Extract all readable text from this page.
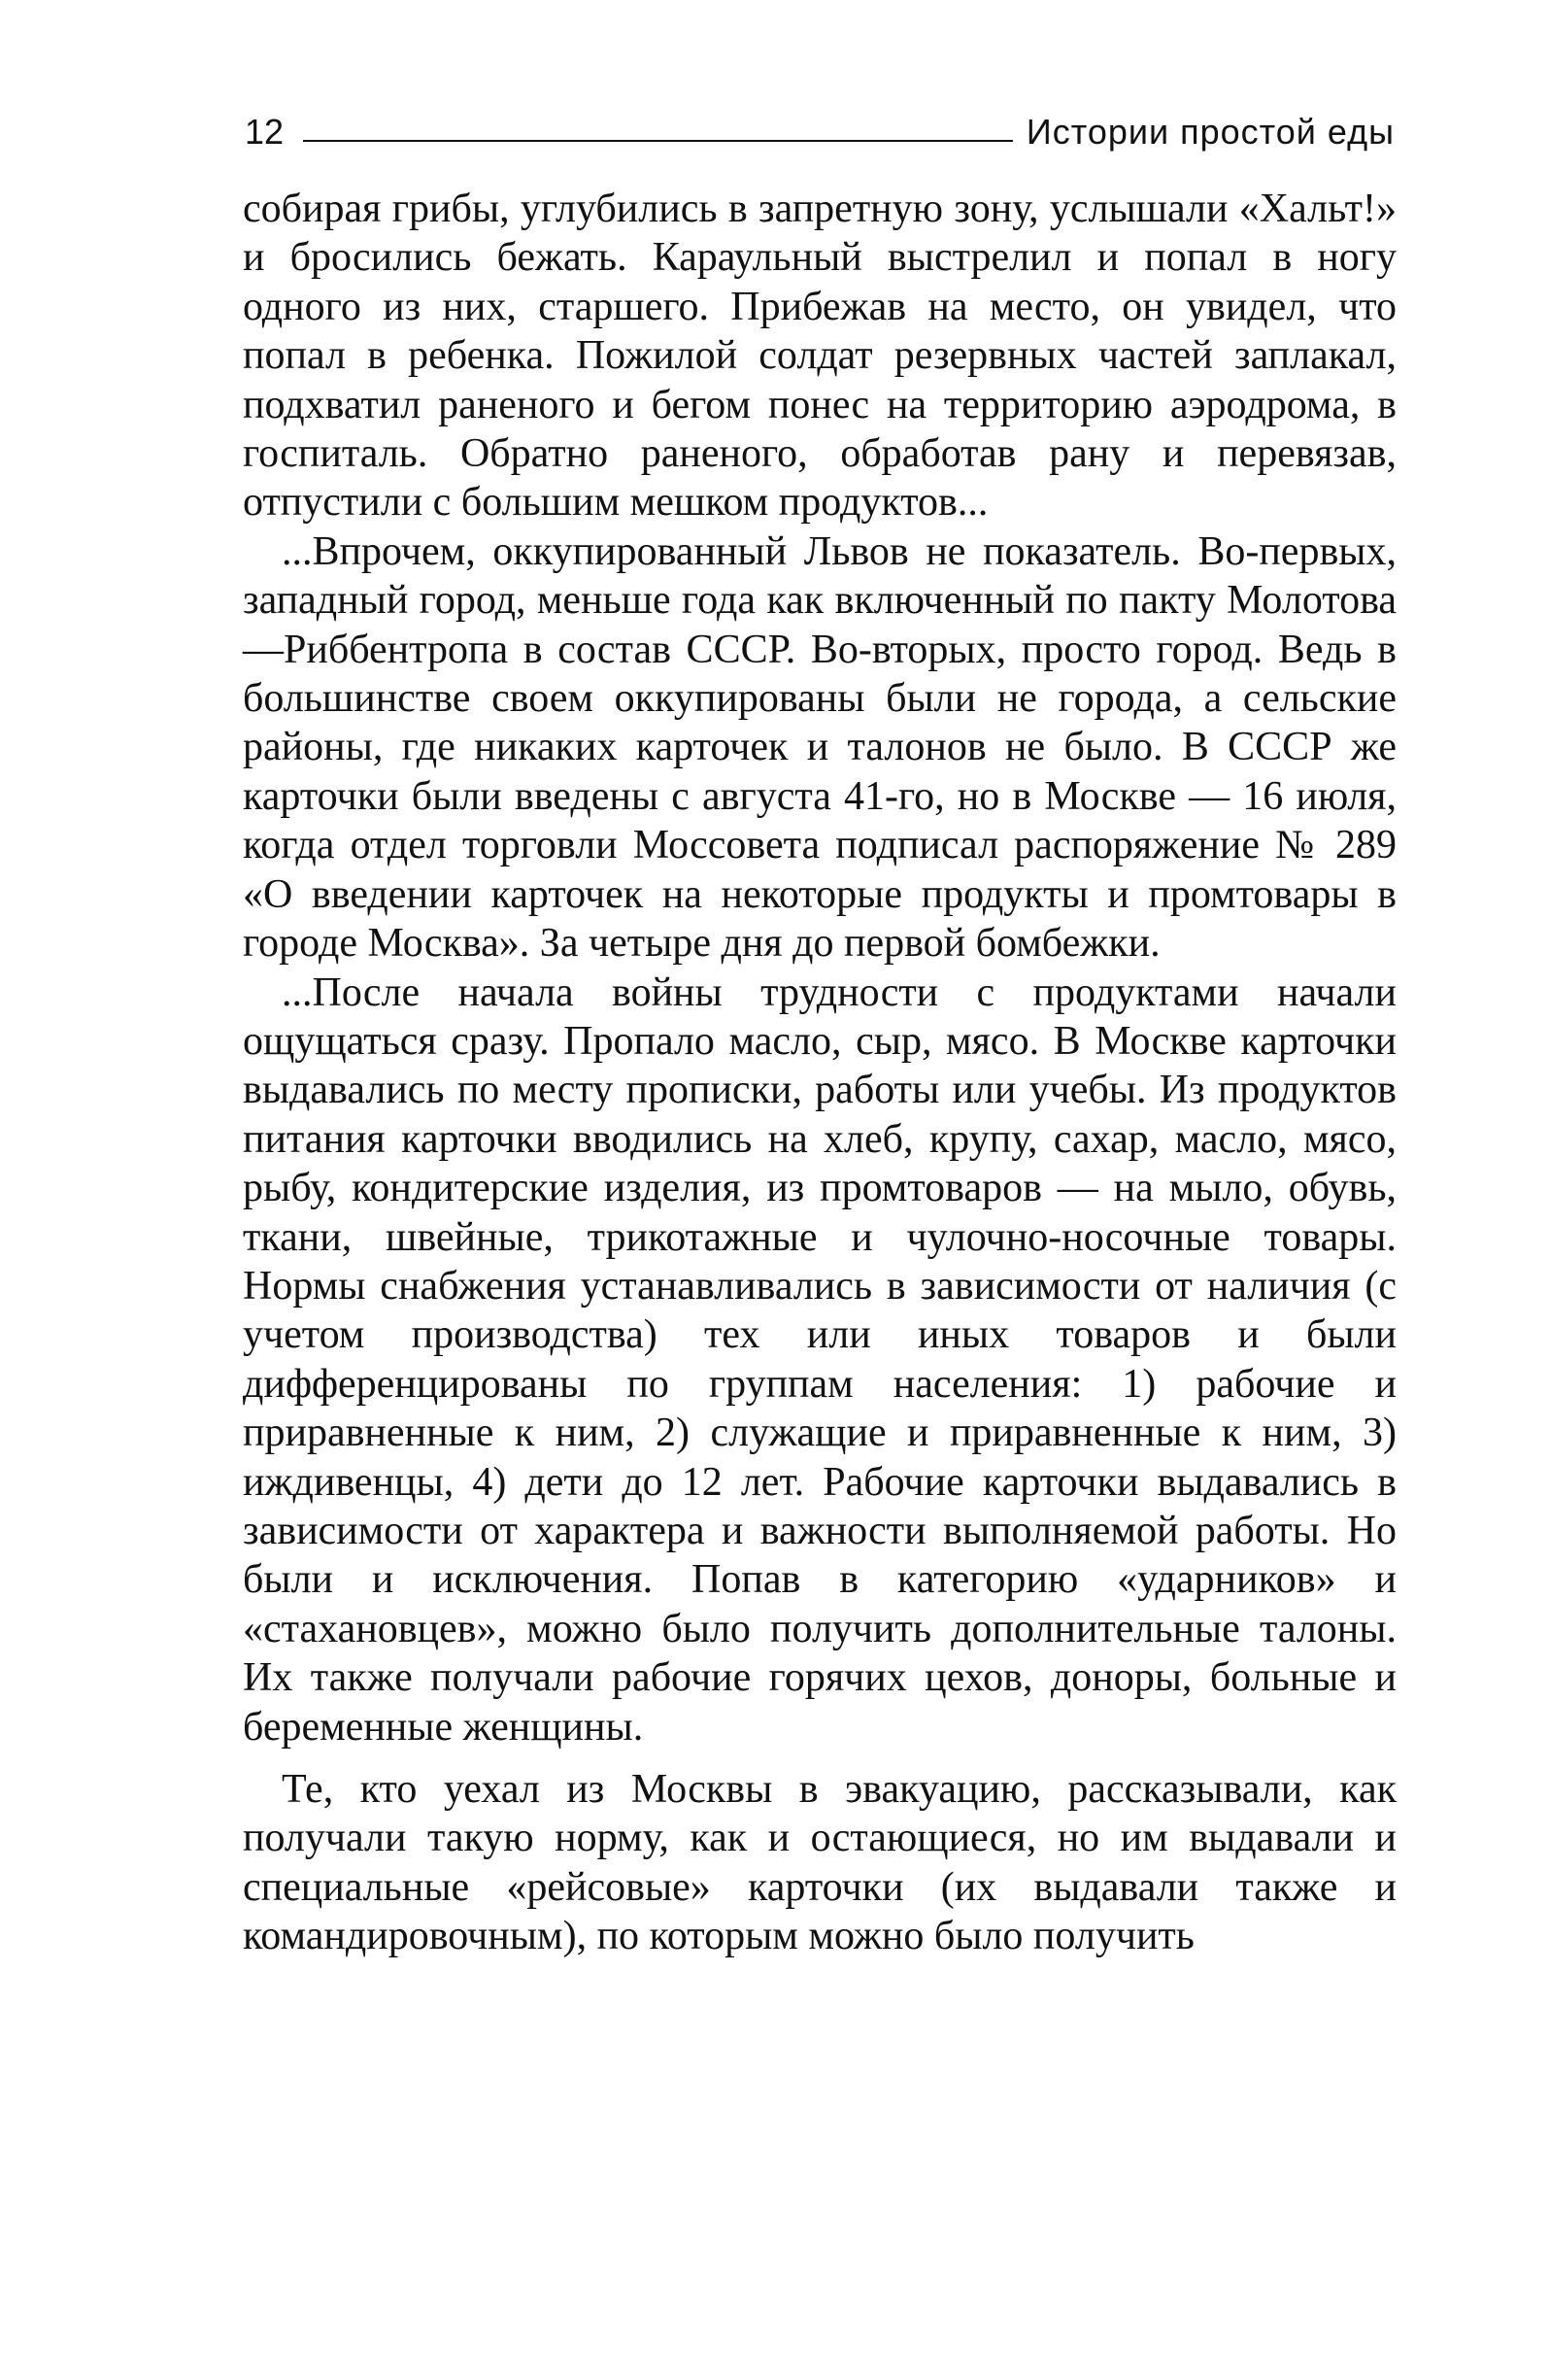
12	Истории простой еды

собирая грибы, углубились в запретную зону, услышали «Хальт!» и бросились бежать. Караульный выстрелил и попал в ногу одного из них, старшего. Прибежав на место, он увидел, что попал в ребенка. Пожилой солдат резервных частей заплакал, подхватил раненого и бегом понес на территорию аэродрома, в госпиталь. Обратно раненого, обработав рану и перевязав, отпустили с большим мешком продуктов...

...Впрочем, оккупированный Львов не показатель. Во-первых, западный город, меньше года как включенный по пакту Молотова—Риббентропа в состав СССР. Во-вторых, просто город. Ведь в большинстве своем оккупированы были не города, а сельские районы, где никаких карточек и талонов не было. В СССР же карточки были введены с августа 41-го, но в Москве — 16 июля, когда отдел торговли Моссовета подписал распоряжение № 289 «О введении карточек на некоторые продукты и промтовары в городе Москва». За четыре дня до первой бомбежки.

...После начала войны трудности с продуктами начали ощущаться сразу. Пропало масло, сыр, мясо. В Москве карточки выдавались по месту прописки, работы или учебы. Из продуктов питания карточки вводились на хлеб, крупу, сахар, масло, мясо, рыбу, кондитерские изделия, из промтоваров — на мыло, обувь, ткани, швейные, трикотажные и чулочно-носочные товары. Нормы снабжения устанавливались в зависимости от наличия (с учетом производства) тех или иных товаров и были дифференцированы по группам населения: 1) рабочие и приравненные к ним, 2) служащие и приравненные к ним, 3) иждивенцы, 4) дети до 12 лет. Рабочие карточки выдавались в зависимости от характера и важности выполняемой работы. Но были и исключения. Попав в категорию «ударников» и «стахановцев», можно было получить дополнительные талоны. Их также получали рабочие горячих цехов, доноры, больные и беременные женщины.

Те, кто уехал из Москвы в эвакуацию, рассказывали, как получали такую норму, как и остающиеся, но им выдавали и специальные «рейсовые» карточки (их выдавали также и командировочным), по которым можно было получить
